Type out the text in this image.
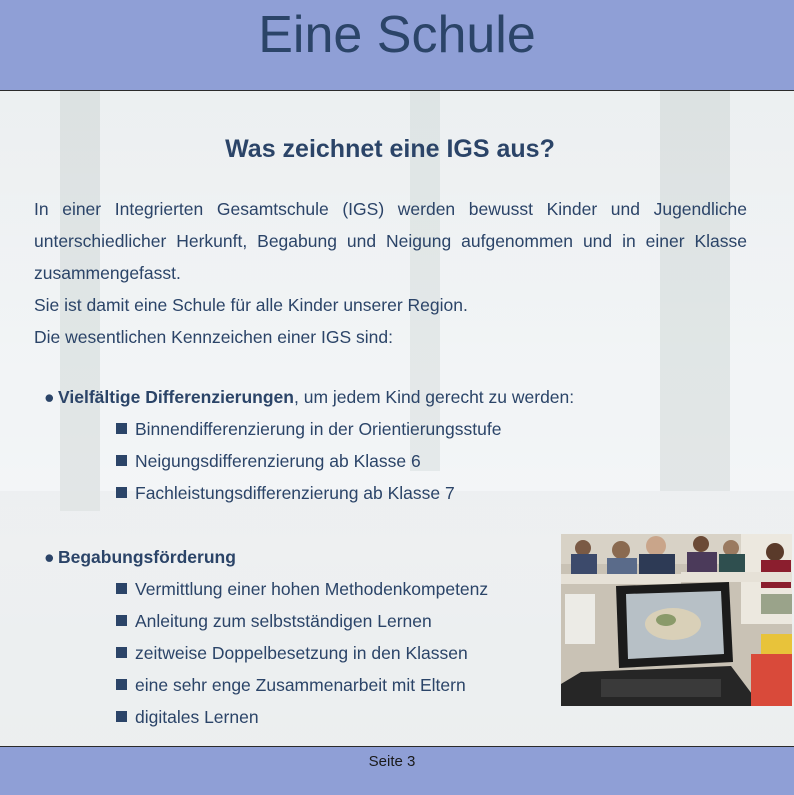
Eine Schule
Was zeichnet eine IGS aus?

In einer Integrierten Gesamtschule (IGS) werden bewusst Kinder und Jugendliche unterschiedlicher Herkunft, Begabung und Neigung aufgenommen und in einer Klasse zusammengefasst.

Sie ist damit eine Schule für alle Kinder unserer Region.

Die wesentlichen Kennzeichen einer IGS sind:

● Vielfältige Differenzierungen, um jedem Kind gerecht zu werden:
Binnendifferenzierung in der Orientierungsstufe
Neigungsdifferenzierung ab Klasse 6
Fachleistungsdifferenzierung ab Klasse 7
● Begabungsförderung
Vermittlung einer hohen Methodenkompetenz
Anleitung zum selbstständigen Lernen
zeitweise Doppelbesetzung in den Klassen
eine sehr enge Zusammenarbeit mit Eltern
digitales Lernen
Seite 3
